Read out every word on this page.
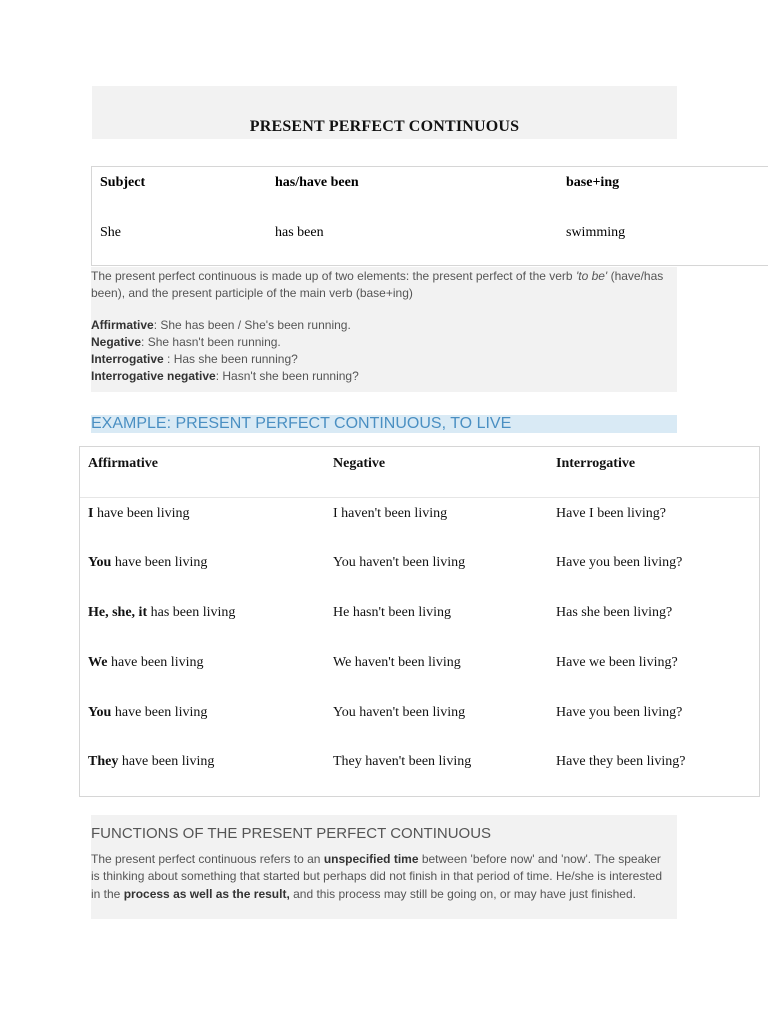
PRESENT PERFECT CONTINUOUS
Subject	has/have been	base+ing
She	has been	swimming

The present perfect continuous is made up of two elements: the present perfect of the verb 'to be' (have/has been), and the present participle of the main verb (base+ing)

Affirmative: She has been / She's been running.

Negative: She hasn't been running.

Interrogative : Has she been running?

Interrogative negative: Hasn't she been running?

EXAMPLE: PRESENT PERFECT CONTINUOUS, TO LIVE
Affirmative	Negative	Interrogative
I have been living	I haven't been living	Have I been living?
You have been living	You haven't been living	Have you been living?
He, she, it has been living	He hasn't been living	Has she been living?
We have been living	We haven't been living	Have we been living?
You have been living	You haven't been living	Have you been living?
They have been living	They haven't been living	Have they been living?
FUNCTIONS OF THE PRESENT PERFECT CONTINUOUS
The present perfect continuous refers to an unspecified time between 'before now' and 'now'. The speaker is thinking about something that started but perhaps did not finish in that period of time. He/she is interested in the process as well as the result, and this process may still be going on, or may have just finished.
